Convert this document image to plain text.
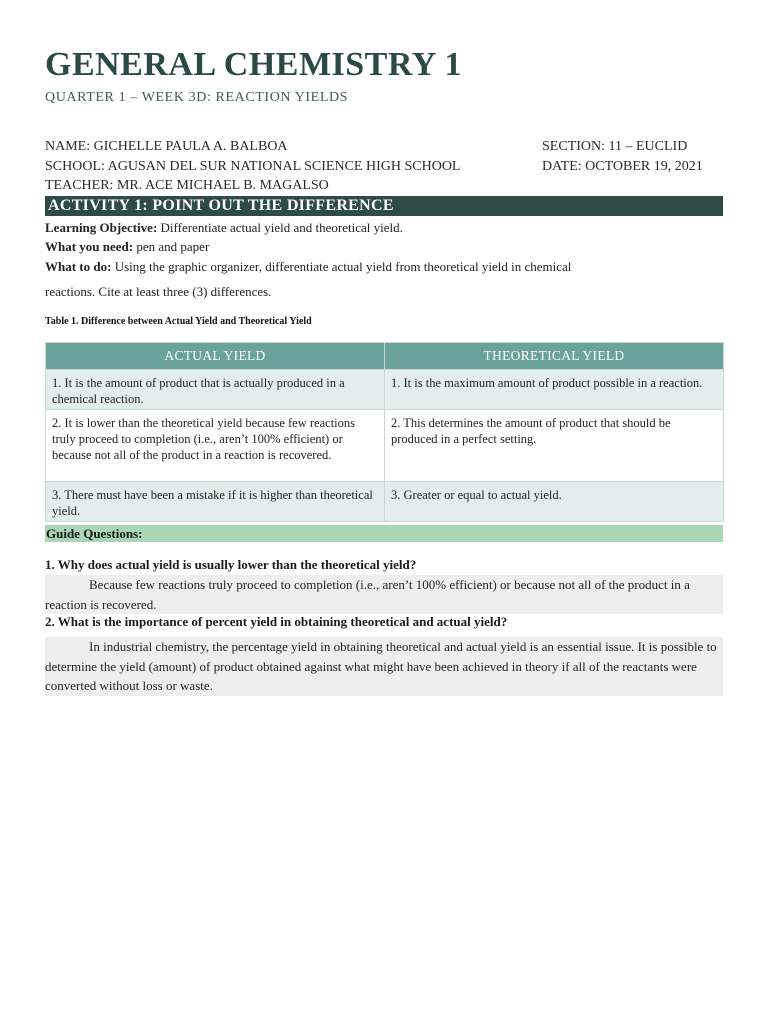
GENERAL CHEMISTRY 1
QUARTER 1 – WEEK 3D: REACTION YIELDS
NAME: GICHELLE PAULA A. BALBOA	SECTION: 11 – EUCLID
SCHOOL: AGUSAN DEL SUR NATIONAL SCIENCE HIGH SCHOOL	DATE: OCTOBER 19, 2021
TEACHER: MR. ACE MICHAEL B. MAGALSO
ACTIVITY 1: POINT OUT THE DIFFERENCE
Learning Objective: Differentiate actual yield and theoretical yield.
What you need: pen and paper
What to do: Using the graphic organizer, differentiate actual yield from theoretical yield in chemical
reactions. Cite at least three (3) differences.
Table 1. Difference between Actual Yield and Theoretical Yield
ACTUAL YIELD	THEORETICAL YIELD
1. It is the amount of product that is actually produced in a chemical reaction.	1. It is the maximum amount of product possible in a reaction.
2. It is lower than the theoretical yield because few reactions truly proceed to completion (i.e., aren’t 100% efficient) or because not all of the product in a reaction is recovered.	2. This determines the amount of product that should be produced in a perfect setting.
3. There must have been a mistake if it is higher than theoretical yield.	3. Greater or equal to actual yield.
Guide Questions:
1. Why does actual yield is usually lower than the theoretical yield?
Because few reactions truly proceed to completion (i.e., aren’t 100% efficient) or because not all of the product in a reaction is recovered.
2. What is the importance of percent yield in obtaining theoretical and actual yield?
In industrial chemistry, the percentage yield in obtaining theoretical and actual yield is an essential issue. It is possible to determine the yield (amount) of product obtained against what might have been achieved in theory if all of the reactants were converted without loss or waste.
